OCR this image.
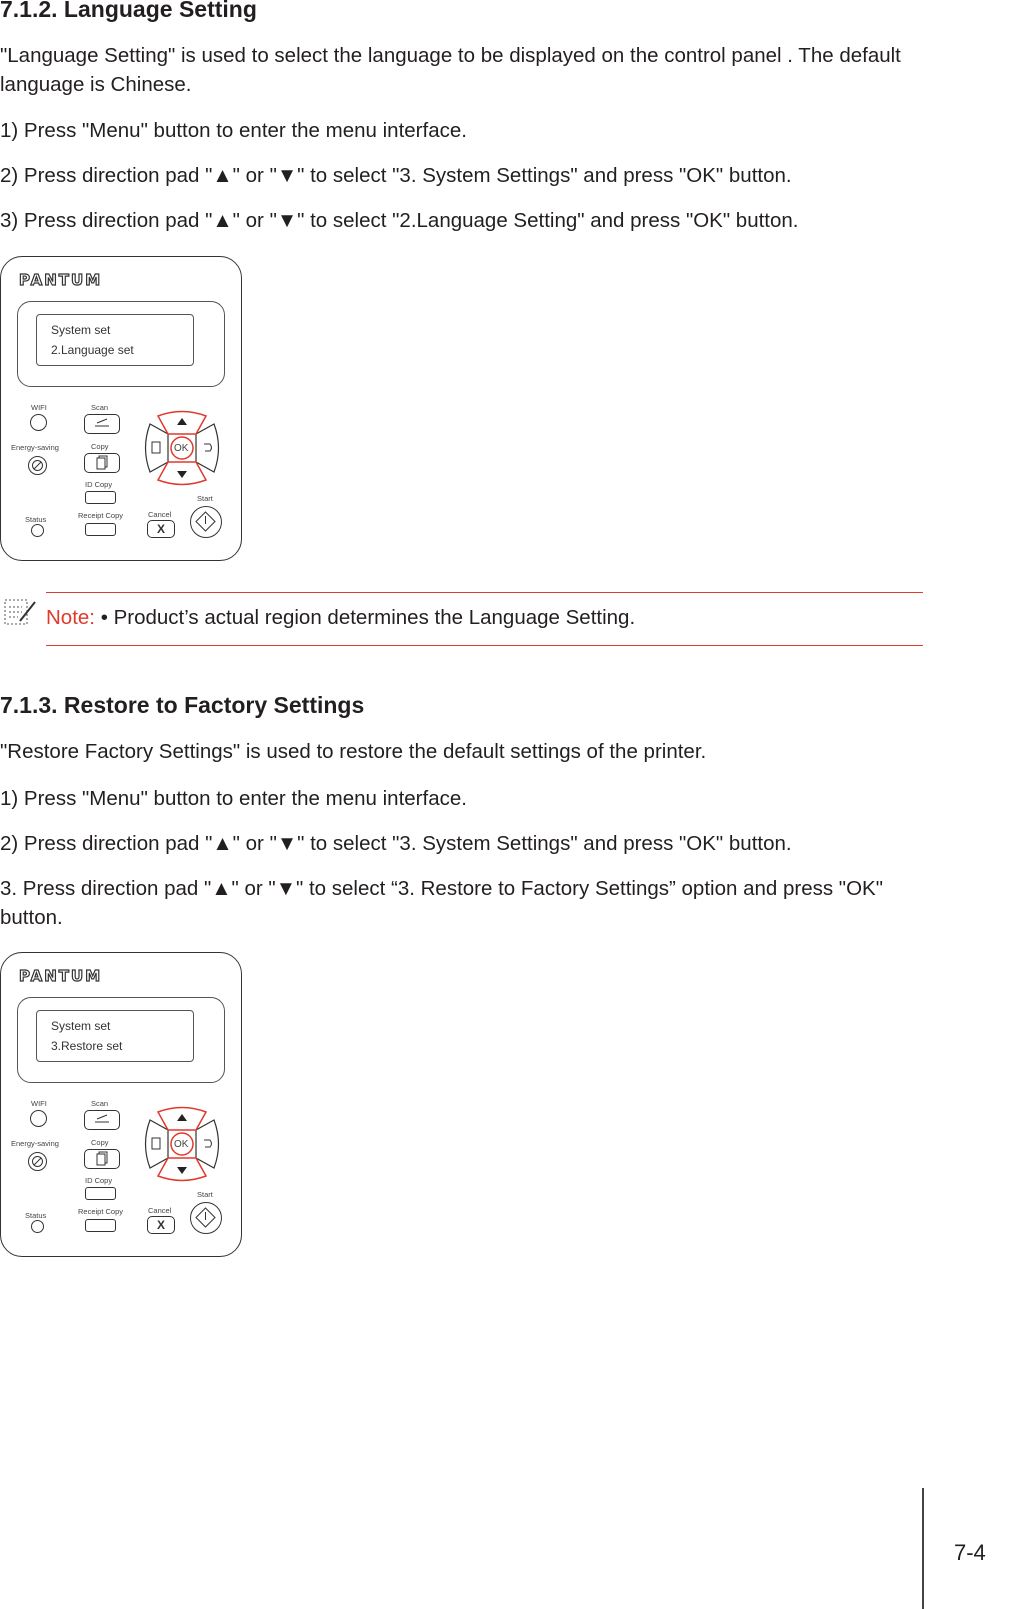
7.1.2. Language Setting

"Language Setting" is used to select the language to be displayed on the control panel . The default language is Chinese.

1) Press "Menu" button to enter the menu interface.

2) Press direction pad "▲" or "▼" to select "3. System Settings" and press "OK" button.

3) Press direction pad "▲" or "▼" to select "2.Language Setting" and press "OK" button.

PANTUM
System set
2.Language set
WIFI
Energy-saving
Status
Scan
Copy
ID Copy
Receipt Copy	Cancel
X
Start
OK
Note: • Product’s actual region determines the Language Setting.
7.1.3. Restore to Factory Settings

"Restore Factory Settings" is used to restore the default settings of the printer.

1) Press "Menu" button to enter the menu interface.

2) Press direction pad "▲" or "▼" to select "3. System Settings" and press "OK" button.

3. Press direction pad "▲" or "▼" to select “3. Restore to Factory Settings” option and press "OK" button.

PANTUM
System set
3.Restore set
WIFI
Energy-saving
Status
Scan
Copy
ID Copy
Receipt Copy	Cancel
X
Start
OK
7-4
